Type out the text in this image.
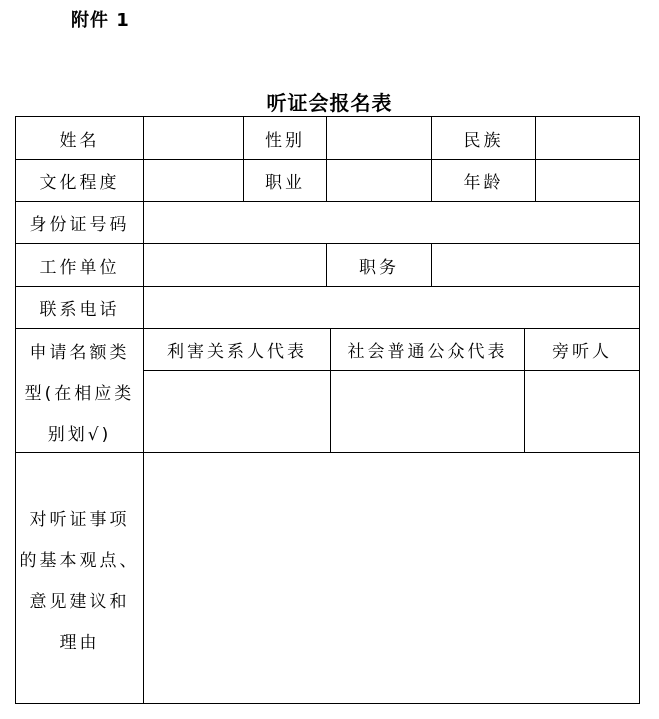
附件 1
听证会报名表
姓名	性别	民族
文化程度	职业	年龄
身份证号码
工作单位	职务
联系电话
申请名额类
型(在相应类
别划√)
利害关系人代表	社会普通公众代表	旁听人
对听证事项
的基本观点、
意见建议和
理由
